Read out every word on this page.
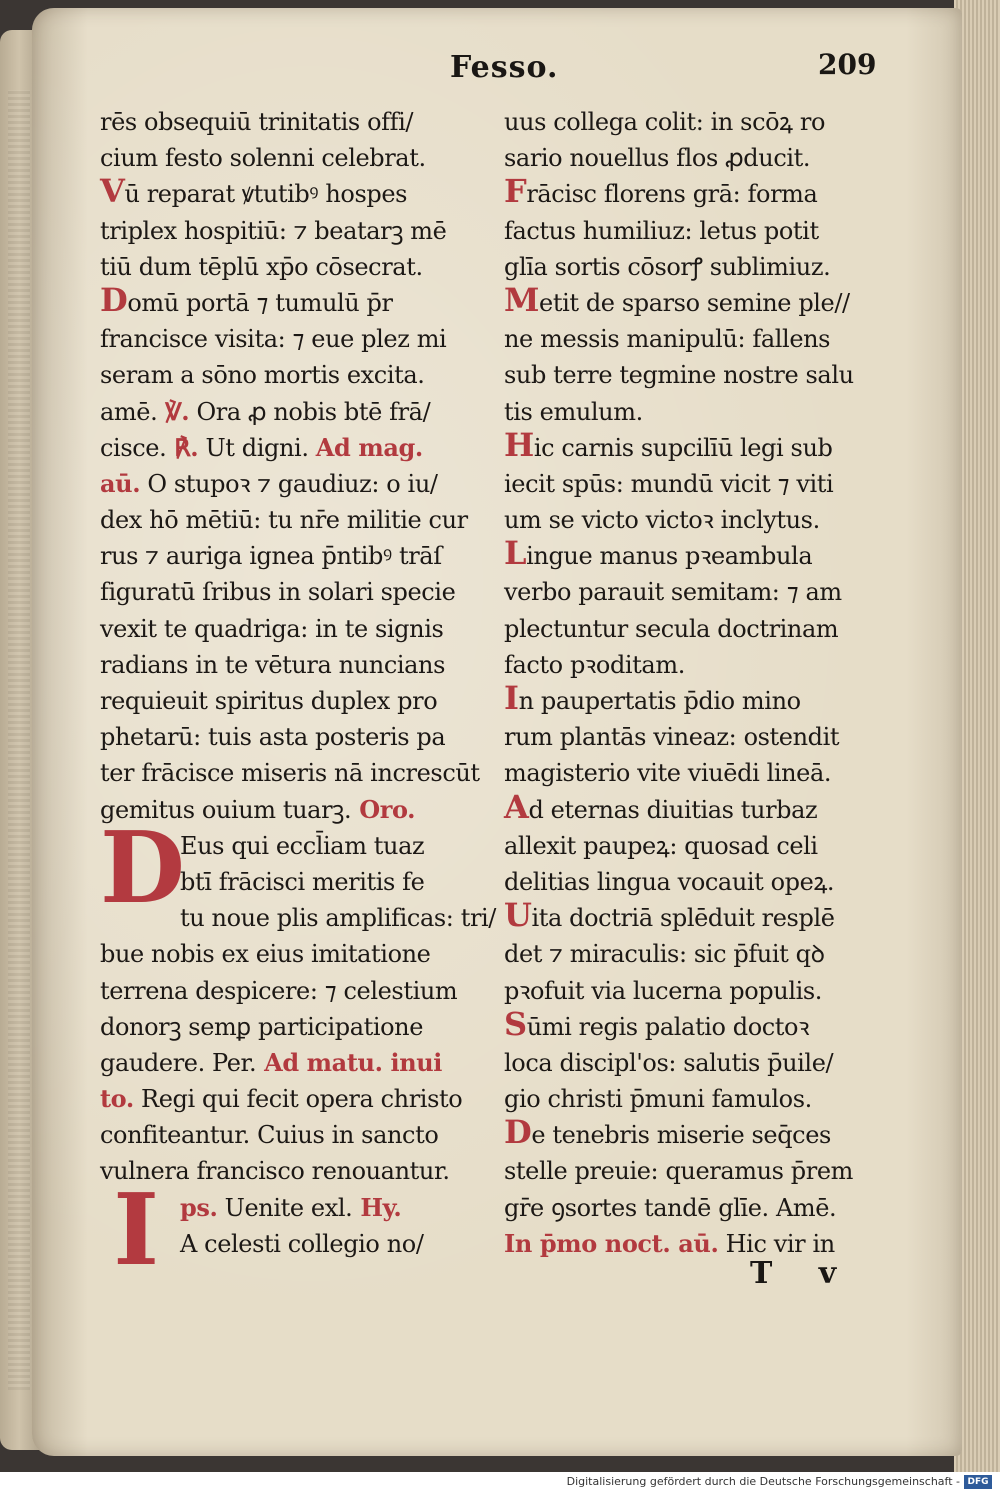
Fesso.	209
rēs obsequiū trinitatis offi/
cium festo solenni celebrat.
Vū reparat ꝟtutibꝰ hospes
triplex hospitiū: ⁊ beatarꝫ mē
tiū dum tēplū xp̄o cōsecrat.
Domū portā ⁊ tumulū p̄r
francisce visita: ⁊ eue plez mi
seram a sōno mortis excita.
amē. ℣. Ora ꝓ nobis btē frā/
cisce. ℟. Ut digni. Ad mag.
aū. O stupoꝛ ⁊ gaudiuz: o iu/
dex hō mētiū: tu nr̄e militie cur
rus ⁊ auriga ignea p̄ntibꝰ trāſ
figuratū ſribus in solari specie
vexit te quadriga: in te signis
radians in te vētura nuncians
requieuit spiritus duplex pro
phetarū: tuis asta posteris pa
ter frācisce miseris nā increscūt
gemitus ouium tuarꝫ. Oro.
D
Eus qui eccl̄iam tuaz
btī frācisci meritis fe
tu noue plis amplificas: tri/
bue nobis ex eius imitatione
terrena despicere: ⁊ celestium
donorꝫ semꝑ participatione
gaudere. Per. Ad matu. inui
to. Regi qui fecit opera christo
confiteantur. Cuius in sancto
vulnera francisco renouantur.
Ips. Uenite exl. Hy.
A celesti collegio no/
uus collega colit: in scōꝝ ro
sario nouellus flos ꝓducit.
Frācisc florens grā: forma
factus humiliuz: letus potit
glīa sortis cōsorꝭ sublimiuz.
Metit de sparso semine ple//
ne messis manipulū: fallens
sub terre tegmine nostre salu
tis emulum.
Hic carnis supcilīū legi sub
iecit spūs: mundū vicit ⁊ viti
um se victo victoꝛ inclytus.
Lingue manus pꝛeambula
verbo parauit semitam: ⁊ am
plectuntur secula doctrinam
facto pꝛoditam.
In paupertatis p̄dio mino
rum plantās vineaz: ostendit
magisterio vite viuēdi lineā.
Ad eternas diuitias turbaz
allexit paupeꝝ: quosad celi
delitias lingua vocauit opeꝝ.
Uita doctriā splēduit resplē
det ⁊ miraculis: sic p̄fuit qꝺ
pꝛofuit via lucerna populis.
Sūmi regis palatio doctoꝛ
loca discipl'os: salutis p̄uile/
gio christi p̄muni famulos.
De tenebris miserie seq̄ces
stelle preuie: queramus p̄rem
gr̄e ꝯsortes tandē glīe. Amē.
In p̄mo noct. aū. Hic vir in
T v
Digitalisierung gefördert durch die Deutsche Forschungsgemeinschaft - DFG
